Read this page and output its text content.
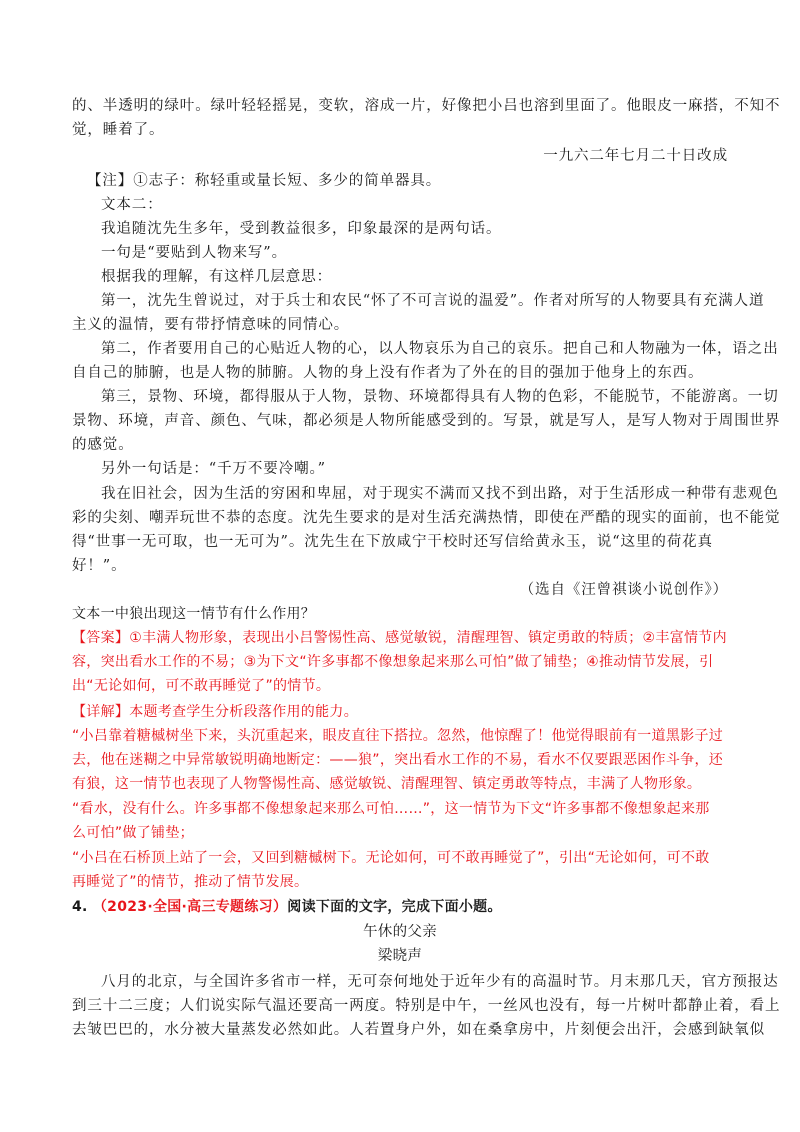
的、半透明的绿叶。绿叶轻轻摇晃，变软，溶成一片，好像把小吕也溶到里面了。他眼皮一麻搭，不知不
觉，睡着了。
一九六二年七月二十日改成
【注】①志子：称轻重或量长短、多少的简单器具。
文本二：
我追随沈先生多年，受到教益很多，印象最深的是两句话。
一句是“要贴到人物来写”。
根据我的理解，有这样几层意思：
第一，沈先生曾说过，对于兵士和农民“怀了不可言说的温爱”。作者对所写的人物要具有充满人道
主义的温情，要有带抒情意味的同情心。
第二，作者要用自己的心贴近人物的心，以人物哀乐为自己的哀乐。把自己和人物融为一体，语之出
自自己的肺腑，也是人物的肺腑。人物的身上没有作者为了外在的目的强加于他身上的东西。
第三，景物、环境，都得服从于人物，景物、环境都得具有人物的色彩，不能脱节，不能游离。一切
景物、环境，声音、颜色、气味，都必须是人物所能感受到的。写景，就是写人，是写人物对于周围世界
的感觉。
另外一句话是：“千万不要冷嘲。”
我在旧社会，因为生活的穷困和卑屈，对于现实不满而又找不到出路，对于生活形成一种带有悲观色
彩的尖刻、嘲弄玩世不恭的态度。沈先生要求的是对生活充满热情，即使在严酷的现实的面前，也不能觉
得“世事一无可取，也一无可为”。沈先生在下放咸宁干校时还写信给黄永玉，说“这里的荷花真
好！”。
（选自《汪曾祺谈小说创作》）
文本一中狼出现这一情节有什么作用？
【答案】①丰满人物形象，表现出小吕警惕性高、感觉敏锐，清醒理智、镇定勇敢的特质；②丰富情节内
容，突出看水工作的不易；③为下文“许多事都不像想象起来那么可怕”做了铺垫；④推动情节发展，引
出“无论如何，可不敢再睡觉了”的情节。
【详解】本题考查学生分析段落作用的能力。
“小吕靠着糖槭树坐下来，头沉重起来，眼皮直往下搭拉。忽然，他惊醒了！他觉得眼前有一道黑影子过
去，他在迷糊之中异常敏锐明确地断定：——狼”，突出看水工作的不易，看水不仅要跟恶困作斗争，还
有狼，这一情节也表现了人物警惕性高、感觉敏锐、清醒理智、镇定勇敢等特点，丰满了人物形象。
“看水，没有什么。许多事都不像想象起来那么可怕……”，这一情节为下文“许多事都不像想象起来那
么可怕”做了铺垫；
“小吕在石桥顶上站了一会，又回到糖槭树下。无论如何，可不敢再睡觉了”，引出“无论如何，可不敢
再睡觉了”的情节，推动了情节发展。
4. （2023·全国·高三专题练习）阅读下面的文字，完成下面小题。
午休的父亲
梁晓声
八月的北京，与全国许多省市一样，无可奈何地处于近年少有的高温时节。月末那几天，官方预报达
到三十二三度；人们说实际气温还要高一两度。特别是中午，一丝风也没有，每一片树叶都静止着，看上
去皱巴巴的，水分被大量蒸发必然如此。人若置身户外，如在桑拿房中，片刻便会出汗，会感到缺氧似
